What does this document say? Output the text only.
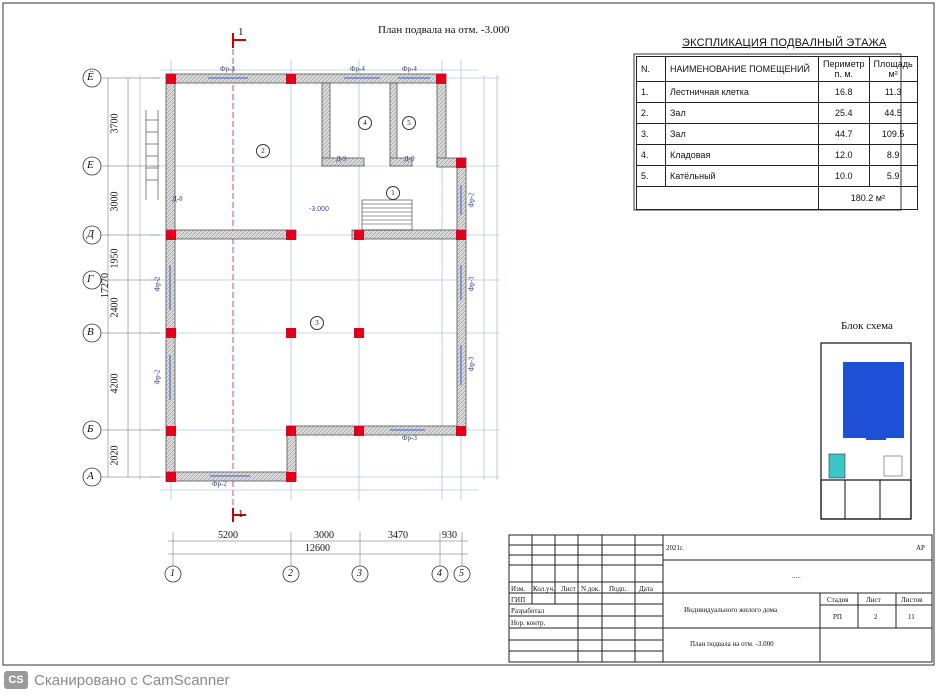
План подвала на отм. -3.000
1
1
-3.000
Ё
Е
Д
Г
В
Б
А
3700
3000
1950
2400
4200
2020
17270
5200	3000	3470	930
12600
1	2	3	4 5
Фр-3	Фр-4	Фр-4
Фр-2
Фр-3
Фр-2
Фр-2
Фр-2
Фр-3
Фр-3
Д-8
Д-9	Д-9
2
4	5
1
3
ЭКСПЛИКАЦИЯ ПОДВАЛНЫЙ ЭТАЖА
N.	НАИМЕНОВАНИЕ ПОМЕЩЕНИЙ	Периметр п. м.	Площадь м²
1.	Лестничная клетка	16.8	11.3
2.	Зал	25.4	44.5
3.	Зал	44.7	109.5
4.	Кладовая	12.0	8.9
5.	Катёльный	10.0	5.9
		180.2 м²	
Блок схема
2021г.	АР
.....
Изм. Кол.уч. Лист N док. Подп. Дата
ГИП
Разработал
Нор. контр.
Индивидуального жилого дома
Стадия	Лист	Листов
РП	2	11
План подвала на отм. -3.000
CS Сканировано с CamScanner
